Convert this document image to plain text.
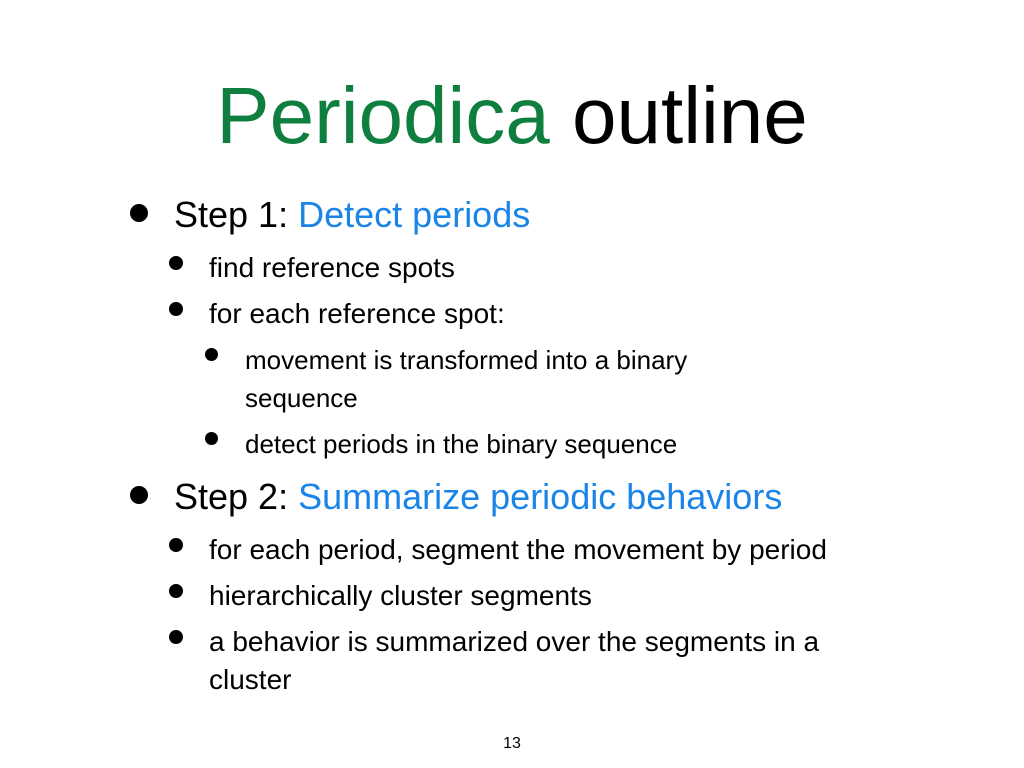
Periodica outline
Step 1: Detect periods
find reference spots
for each reference spot:
movement is transformed into a binary
sequence
detect periods in the binary sequence
Step 2: Summarize periodic behaviors
for each period, segment the movement by period
hierarchically cluster segments
a behavior is summarized over the segments in a
cluster
13
